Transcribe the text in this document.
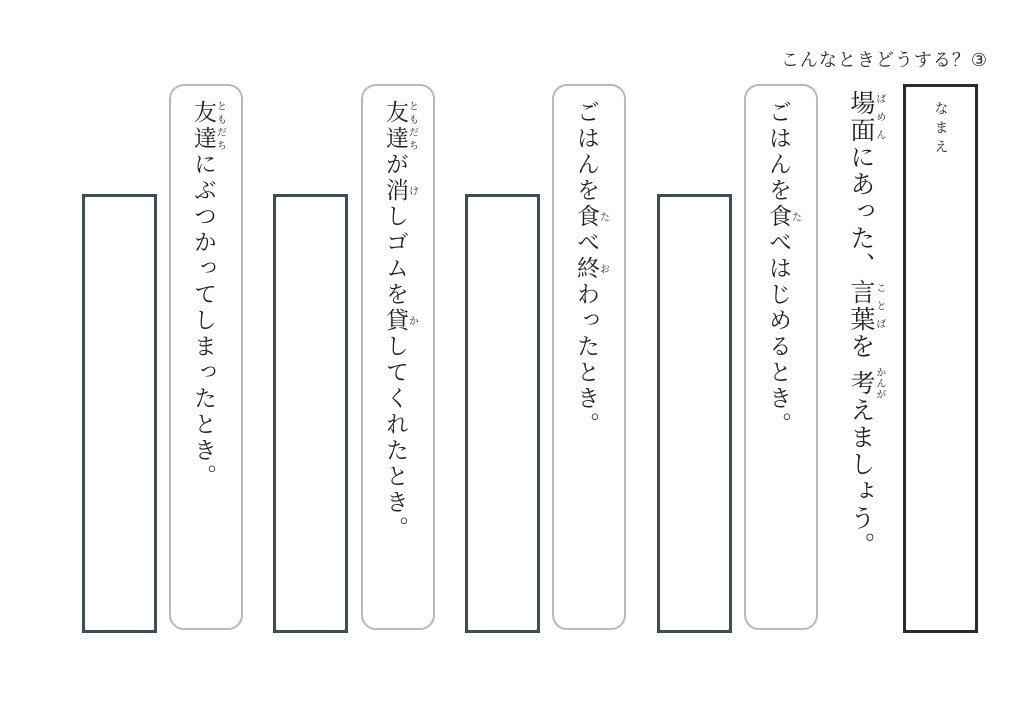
こんなときどうする？③
なまえ
場面ばめんにあった、言葉ことばを 考かんがえましょう。
ごはんを食たべはじめるとき。
ごはんを食たべ終おわったとき。
友達ともだちが消けしゴムを貸かしてくれたとき。
友達ともだちにぶつかってしまったとき。
